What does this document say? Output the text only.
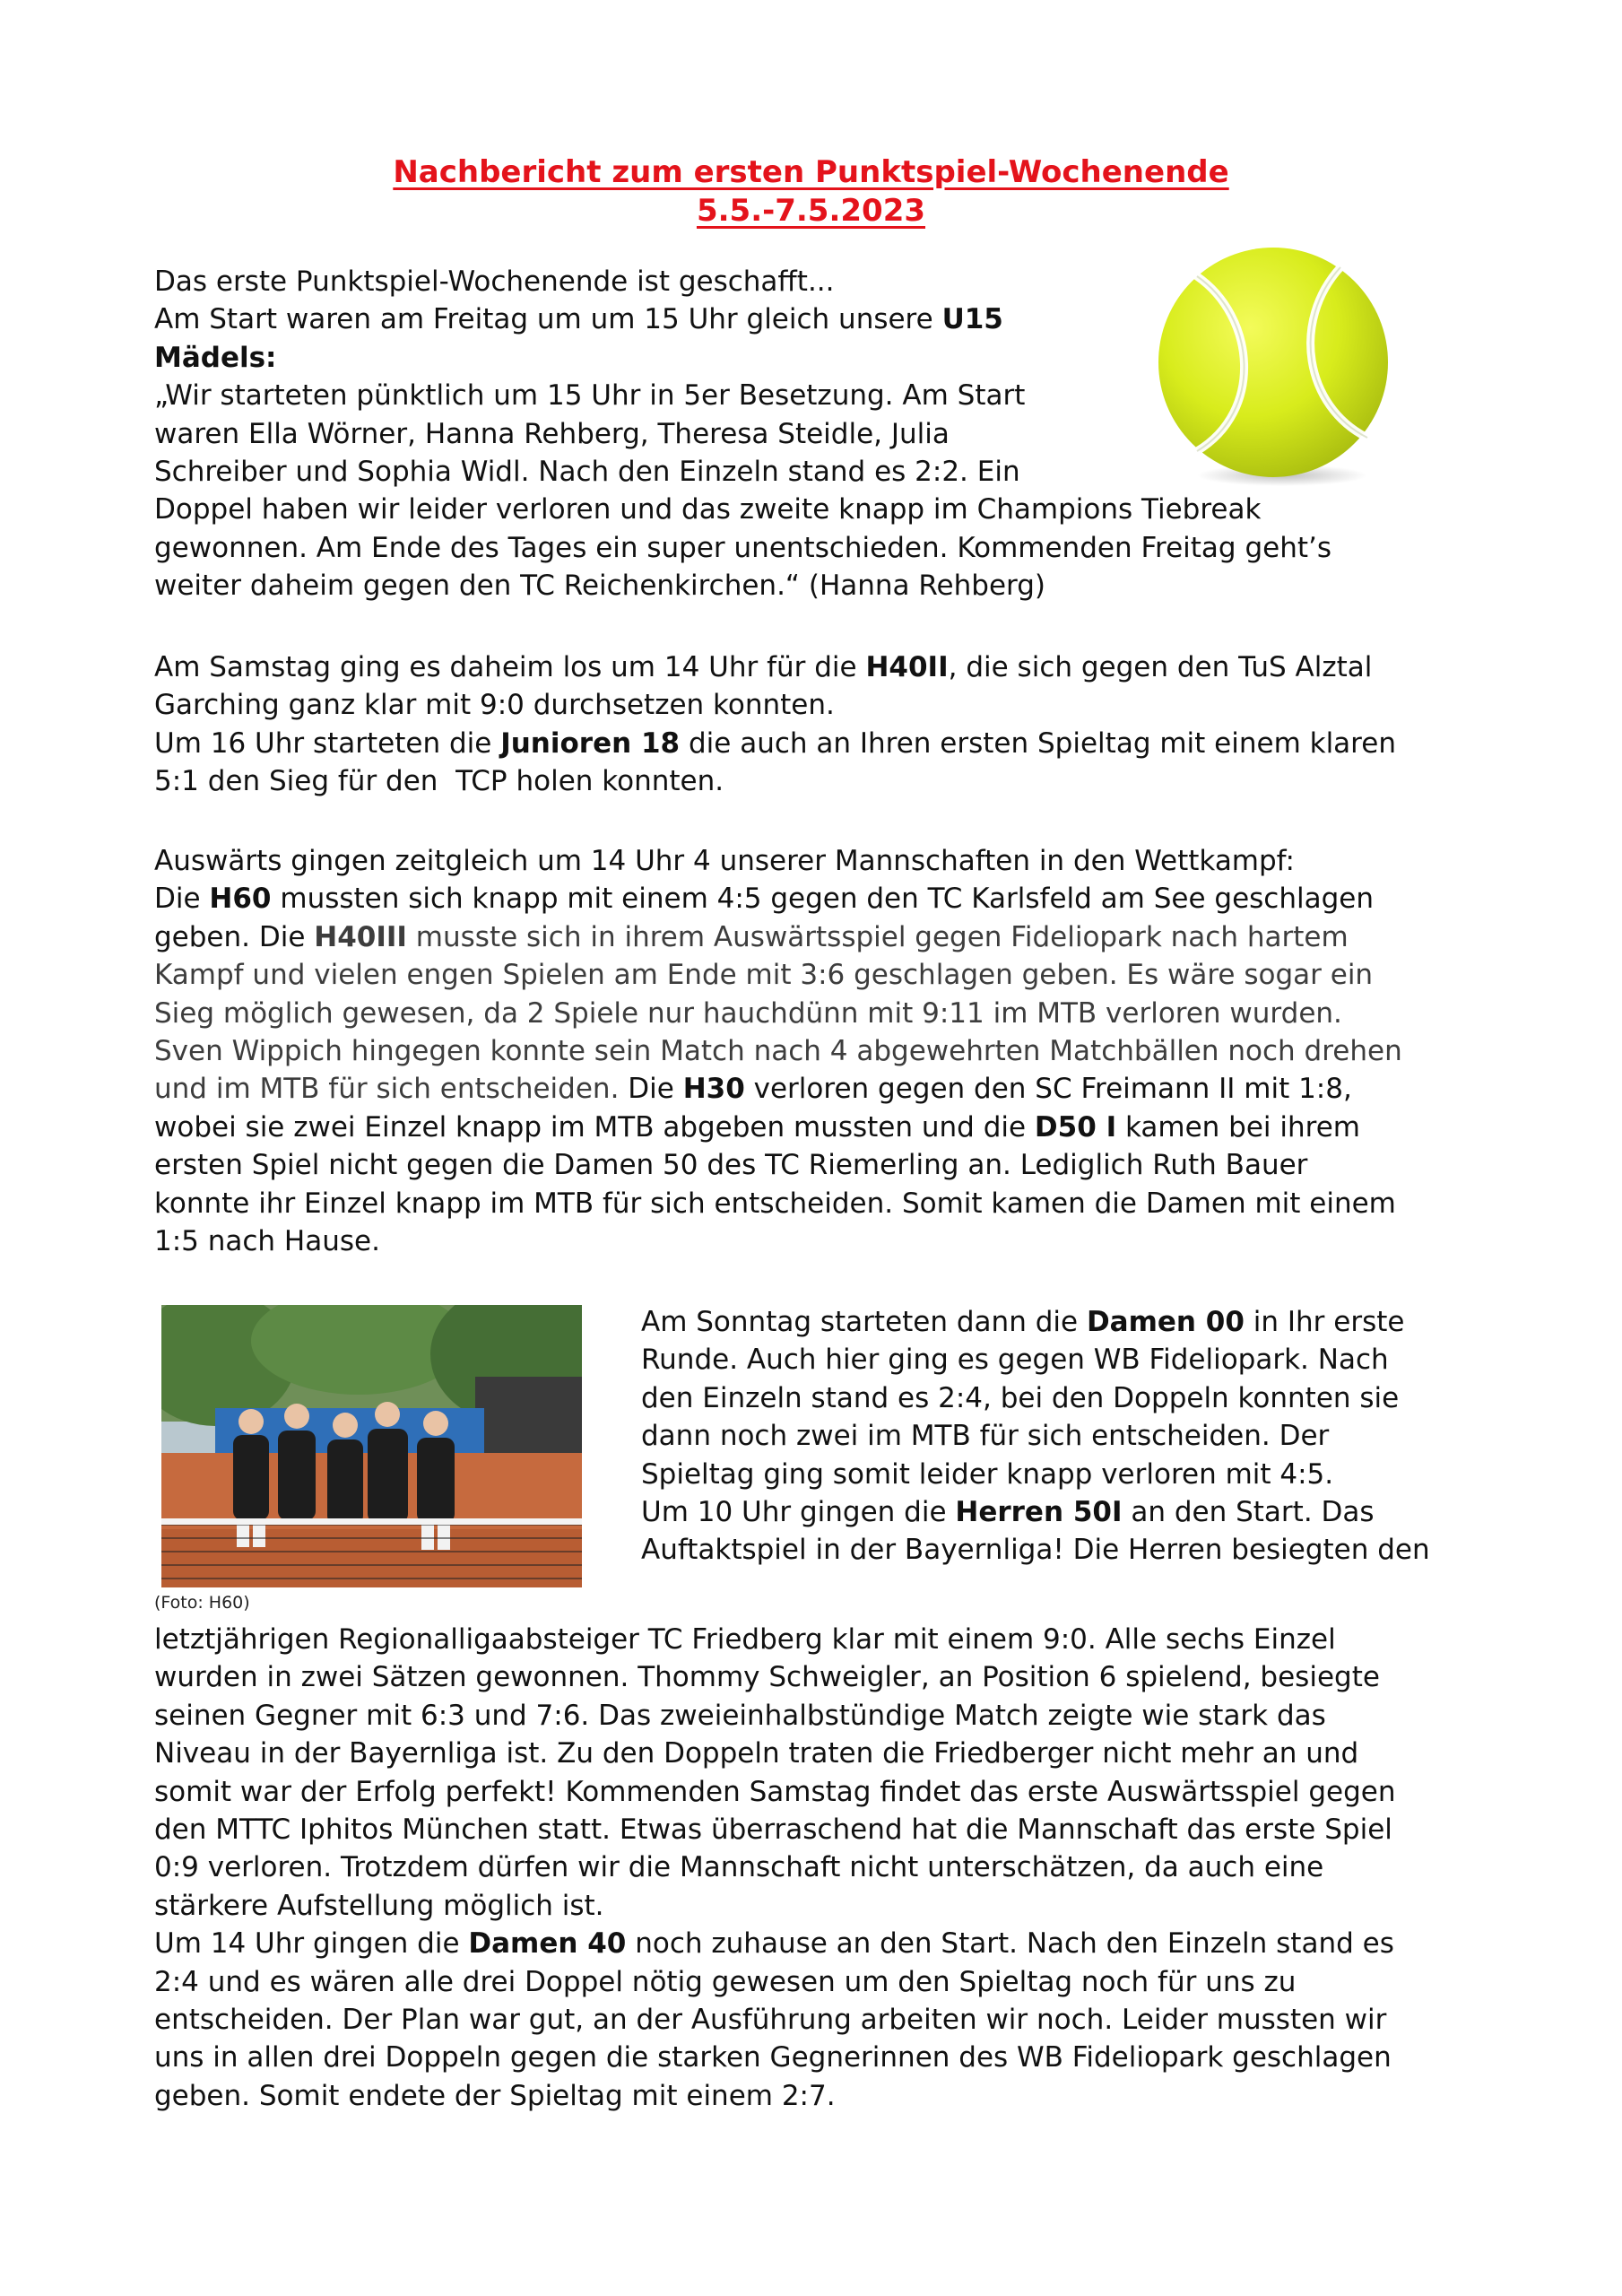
Nachbericht zum ersten Punktspiel-Wochenende
5.5.-7.5.2023
(Foto: H60)
Das erste Punktspiel-Wochenende ist geschafft...
Am Start waren am Freitag um um 15 Uhr gleich unsere U15
Mädels:
„Wir starteten pünktlich um 15 Uhr in 5er Besetzung. Am Start
waren Ella Wörner, Hanna Rehberg, Theresa Steidle, Julia
Schreiber und Sophia Widl. Nach den Einzeln stand es 2:2. Ein
Doppel haben wir leider verloren und das zweite knapp im Champions Tiebreak
gewonnen. Am Ende des Tages ein super unentschieden. Kommenden Freitag geht’s
weiter daheim gegen den TC Reichenkirchen.“ (Hanna Rehberg)
Am Samstag ging es daheim los um 14 Uhr für die H40II, die sich gegen den TuS Alztal
Garching ganz klar mit 9:0 durchsetzen konnten.
Um 16 Uhr starteten die Junioren 18 die auch an Ihren ersten Spieltag mit einem klaren
5:1 den Sieg für den  TCP holen konnten.
Auswärts gingen zeitgleich um 14 Uhr 4 unserer Mannschaften in den Wettkampf:
Die H60 mussten sich knapp mit einem 4:5 gegen den TC Karlsfeld am See geschlagen
geben. Die H40III musste sich in ihrem Auswärtsspiel gegen Fideliopark nach hartem
Kampf und vielen engen Spielen am Ende mit 3:6 geschlagen geben. Es wäre sogar ein
Sieg möglich gewesen, da 2 Spiele nur hauchdünn mit 9:11 im MTB verloren wurden.
Sven Wippich hingegen konnte sein Match nach 4 abgewehrten Matchbällen noch drehen
und im MTB für sich entscheiden. Die H30 verloren gegen den SC Freimann II mit 1:8,
wobei sie zwei Einzel knapp im MTB abgeben mussten und die D50 I kamen bei ihrem
ersten Spiel nicht gegen die Damen 50 des TC Riemerling an. Lediglich Ruth Bauer
konnte ihr Einzel knapp im MTB für sich entscheiden. Somit kamen die Damen mit einem
1:5 nach Hause.
Am Sonntag starteten dann die Damen 00 in Ihr erste
Runde. Auch hier ging es gegen WB Fideliopark. Nach
den Einzeln stand es 2:4, bei den Doppeln konnten sie
dann noch zwei im MTB für sich entscheiden. Der
Spieltag ging somit leider knapp verloren mit 4:5.
Um 10 Uhr gingen die Herren 50I an den Start. Das
Auftaktspiel in der Bayernliga! Die Herren besiegten den
letztjährigen Regionalligaabsteiger TC Friedberg klar mit einem 9:0. Alle sechs Einzel
wurden in zwei Sätzen gewonnen. Thommy Schweigler, an Position 6 spielend, besiegte
seinen Gegner mit 6:3 und 7:6. Das zweieinhalbstündige Match zeigte wie stark das
Niveau in der Bayernliga ist. Zu den Doppeln traten die Friedberger nicht mehr an und
somit war der Erfolg perfekt! Kommenden Samstag findet das erste Auswärtsspiel gegen
den MTTC Iphitos München statt. Etwas überraschend hat die Mannschaft das erste Spiel
0:9 verloren. Trotzdem dürfen wir die Mannschaft nicht unterschätzen, da auch eine
stärkere Aufstellung möglich ist.
Um 14 Uhr gingen die Damen 40 noch zuhause an den Start. Nach den Einzeln stand es
2:4 und es wären alle drei Doppel nötig gewesen um den Spieltag noch für uns zu
entscheiden. Der Plan war gut, an der Ausführung arbeiten wir noch. Leider mussten wir
uns in allen drei Doppeln gegen die starken Gegnerinnen des WB Fideliopark geschlagen
geben. Somit endete der Spieltag mit einem 2:7.
